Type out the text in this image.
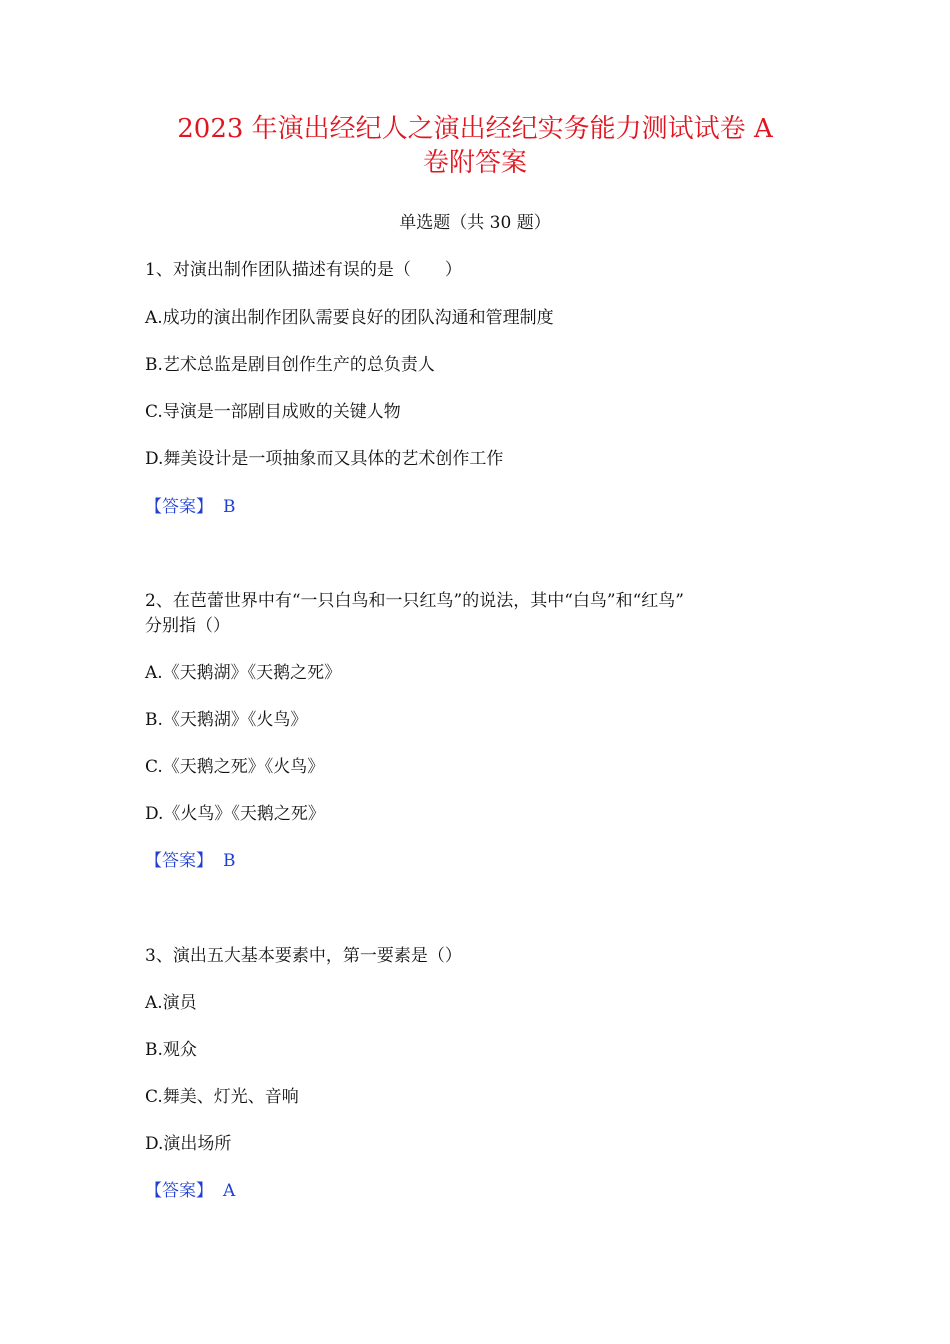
2023 年演出经纪人之演出经纪实务能力测试试卷 A
卷附答案
单选题（共 30 题）
1、对演出制作团队描述有误的是（　　）
A.成功的演出制作团队需要良好的团队沟通和管理制度
B.艺术总监是剧目创作生产的总负责人
C.导演是一部剧目成败的关键人物
D.舞美设计是一项抽象而又具体的艺术创作工作
【答案】 B
2、在芭蕾世界中有“一只白鸟和一只红鸟”的说法，其中“白鸟”和“红鸟”
分别指（）
A.《天鹅湖》《天鹅之死》
B.《天鹅湖》《火鸟》
C.《天鹅之死》《火鸟》
D.《火鸟》《天鹅之死》
【答案】 B
3、演出五大基本要素中，第一要素是（）
A.演员
B.观众
C.舞美、灯光、音响
D.演出场所
【答案】 A
